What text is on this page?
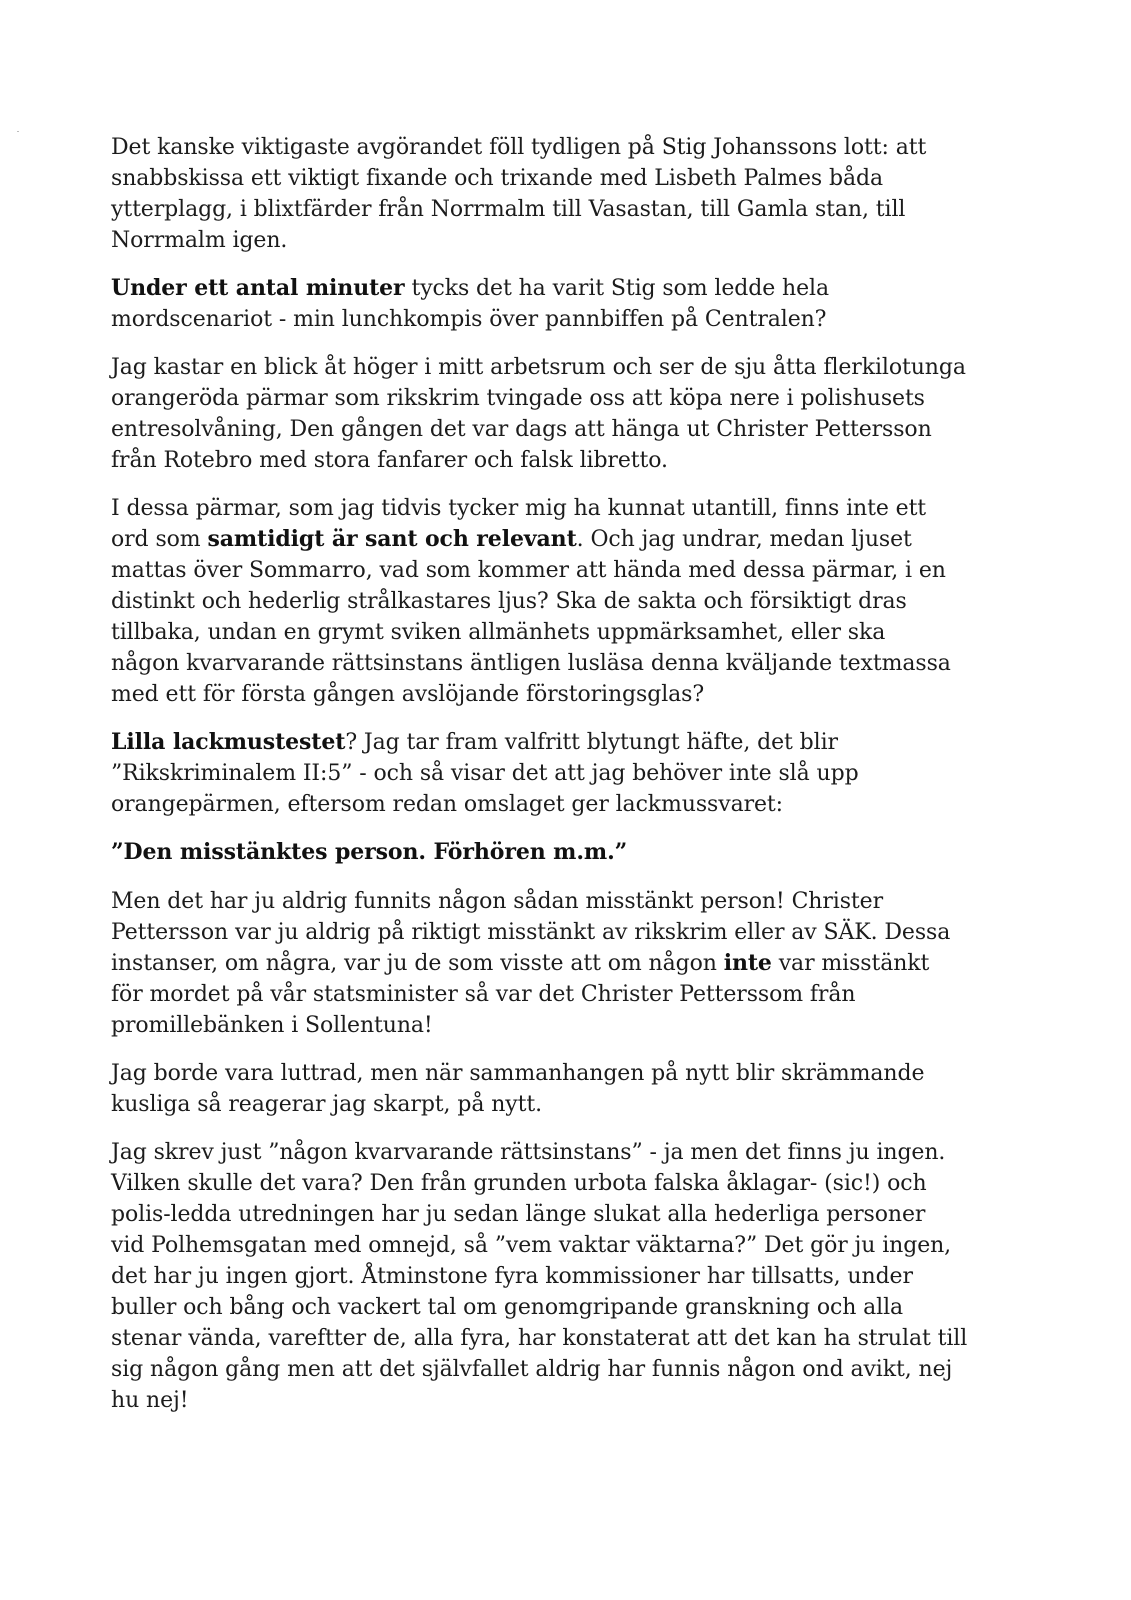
Det kanske viktigaste avgörandet föll tydligen på Stig Johanssons lott: att
snabbskissa ett viktigt fixande och trixande med Lisbeth Palmes båda
ytterplagg, i blixtfärder från Norrmalm till Vasastan, till Gamla stan, till
Norrmalm igen.

Under ett antal minuter tycks det ha varit Stig som ledde hela
mordscenariot - min lunchkompis över pannbiffen på Centralen?

Jag kastar en blick åt höger i mitt arbetsrum och ser de sju åtta flerkilotunga
orangeröda pärmar som rikskrim tvingade oss att köpa nere i polishusets
entresolvåning, Den gången det var dags att hänga ut Christer Pettersson
från Rotebro med stora fanfarer och falsk libretto.

I dessa pärmar, som jag tidvis tycker mig ha kunnat utantill, finns inte ett
ord som samtidigt är sant och relevant. Och jag undrar, medan ljuset
mattas över Sommarro, vad som kommer att hända med dessa pärmar, i en
distinkt och hederlig strålkastares ljus? Ska de sakta och försiktigt dras
tillbaka, undan en grymt sviken allmänhets uppmärksamhet, eller ska
någon kvarvarande rättsinstans äntligen lusläsa denna kväljande textmassa
med ett för första gången avslöjande förstoringsglas?

Lilla lackmustestet? Jag tar fram valfritt blytungt häfte, det blir
”Rikskriminalem II:5” - och så visar det att jag behöver inte slå upp
orangepärmen, eftersom redan omslaget ger lackmussvaret:

”Den misstänktes person. Förhören m.m.”

Men det har ju aldrig funnits någon sådan misstänkt person! Christer
Pettersson var ju aldrig på riktigt misstänkt av rikskrim eller av SÄK. Dessa
instanser, om några, var ju de som visste att om någon inte var misstänkt
för mordet på vår statsminister så var det Christer Petterssom från
promillebänken i Sollentuna!

Jag borde vara luttrad, men när sammanhangen på nytt blir skrämmande
kusliga så reagerar jag skarpt, på nytt.

Jag skrev just ”någon kvarvarande rättsinstans” - ja men det finns ju ingen.
Vilken skulle det vara? Den från grunden urbota falska åklagar- (sic!) och
polis-ledda utredningen har ju sedan länge slukat alla hederliga personer
vid Polhemsgatan med omnejd, så ”vem vaktar väktarna?” Det gör ju ingen,
det har ju ingen gjort. Åtminstone fyra kommissioner har tillsatts, under
buller och bång och vackert tal om genomgripande granskning och alla
stenar vända, vareftter de, alla fyra, har konstaterat att det kan ha strulat till
sig någon gång men att det självfallet aldrig har funnis någon ond avikt, nej
hu nej!
